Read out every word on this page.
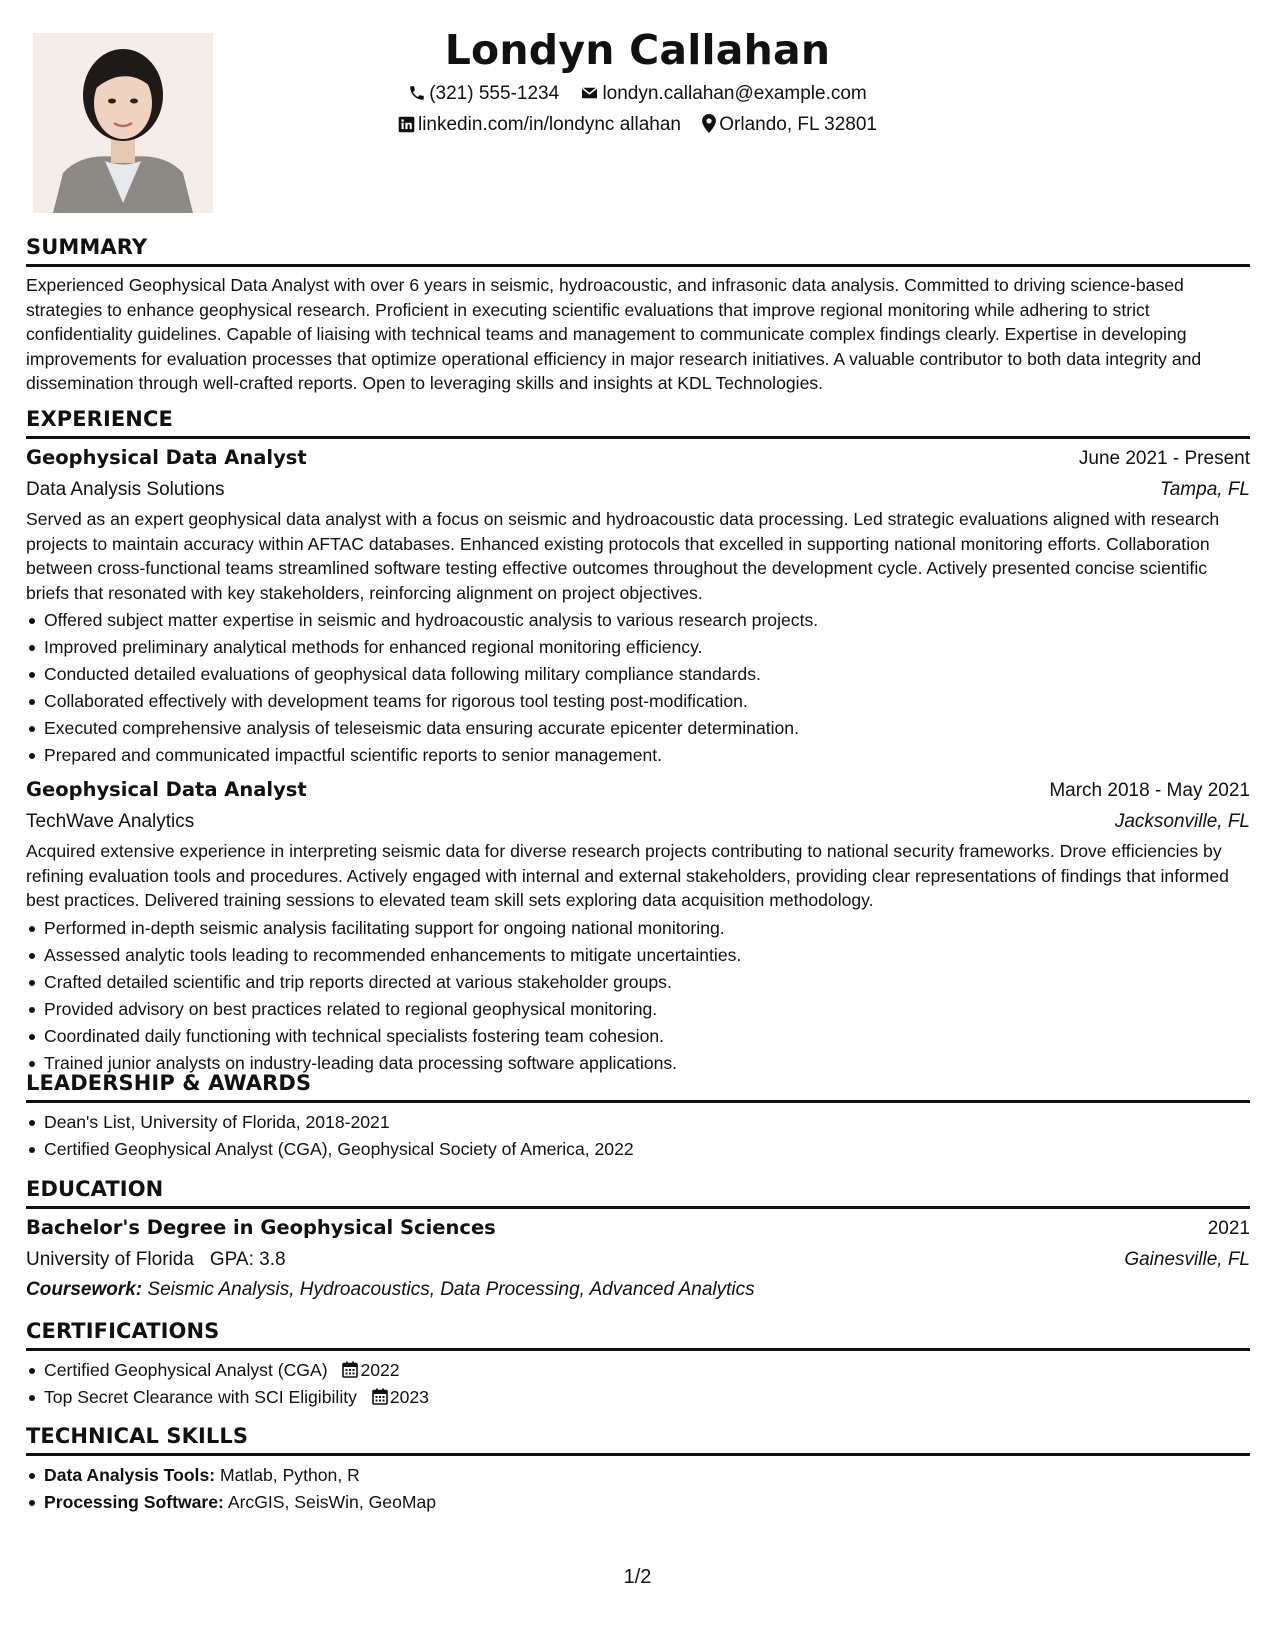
Londyn Callahan
(321) 555-1234 londyn.callahan@example.com
linkedin.com/in/londync allahan Orlando, FL 32801
SUMMARY
Experienced Geophysical Data Analyst with over 6 years in seismic, hydroacoustic, and infrasonic data analysis. Committed to driving science-based strategies to enhance geophysical research. Proficient in executing scientific evaluations that improve regional monitoring while adhering to strict confidentiality guidelines. Capable of liaising with technical teams and management to communicate complex findings clearly. Expertise in developing improvements for evaluation processes that optimize operational efficiency in major research initiatives. A valuable contributor to both data integrity and dissemination through well-crafted reports. Open to leveraging skills and insights at KDL Technologies.
EXPERIENCE
Geophysical Data Analyst	June 2021 - Present
Data Analysis Solutions	Tampa, FL
Served as an expert geophysical data analyst with a focus on seismic and hydroacoustic data processing. Led strategic evaluations aligned with research projects to maintain accuracy within AFTAC databases. Enhanced existing protocols that excelled in supporting national monitoring efforts. Collaboration between cross-functional teams streamlined software testing effective outcomes throughout the development cycle. Actively presented concise scientific briefs that resonated with key stakeholders, reinforcing alignment on project objectives.
Offered subject matter expertise in seismic and hydroacoustic analysis to various research projects.
Improved preliminary analytical methods for enhanced regional monitoring efficiency.
Conducted detailed evaluations of geophysical data following military compliance standards.
Collaborated effectively with development teams for rigorous tool testing post-modification.
Executed comprehensive analysis of teleseismic data ensuring accurate epicenter determination.
Prepared and communicated impactful scientific reports to senior management.
Geophysical Data Analyst	March 2018 - May 2021
TechWave Analytics	Jacksonville, FL
Acquired extensive experience in interpreting seismic data for diverse research projects contributing to national security frameworks. Drove efficiencies by refining evaluation tools and procedures. Actively engaged with internal and external stakeholders, providing clear representations of findings that informed best practices. Delivered training sessions to elevated team skill sets exploring data acquisition methodology.
Performed in-depth seismic analysis facilitating support for ongoing national monitoring.
Assessed analytic tools leading to recommended enhancements to mitigate uncertainties.
Crafted detailed scientific and trip reports directed at various stakeholder groups.
Provided advisory on best practices related to regional geophysical monitoring.
Coordinated daily functioning with technical specialists fostering team cohesion.
Trained junior analysts on industry-leading data processing software applications.
LEADERSHIP & AWARDS
Dean's List, University of Florida, 2018-2021
Certified Geophysical Analyst (CGA), Geophysical Society of America, 2022
EDUCATION
Bachelor's Degree in Geophysical Sciences	2021
University of Florida GPA: 3.8	Gainesville, FL
Coursework: Seismic Analysis, Hydroacoustics, Data Processing, Advanced Analytics
CERTIFICATIONS
Certified Geophysical Analyst (CGA) 2022
Top Secret Clearance with SCI Eligibility 2023
TECHNICAL SKILLS
Data Analysis Tools: Matlab, Python, R
Processing Software: ArcGIS, SeisWin, GeoMap
1/2
